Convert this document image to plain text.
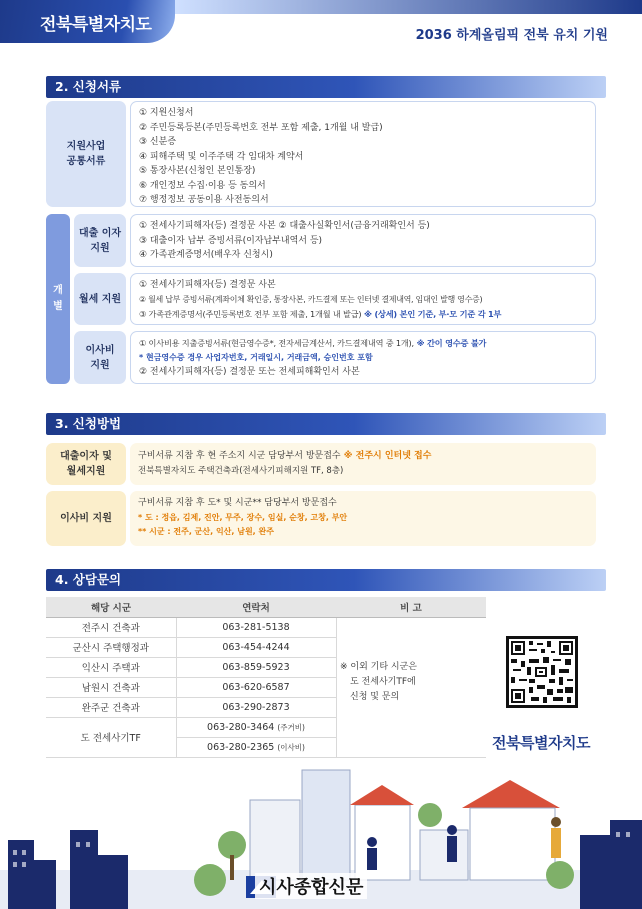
전북특별자치도
2036 하계올림픽 전북 유치 기원
2. 신청서류
지원사업
공통서류
① 지원신청서
② 주민등록등본(주민등록번호 전부 포함 제출, 1개월 내 발급)
③ 신분증
④ 피해주택 및 이주주택 각 임대차 계약서
⑤ 통장사본(신청인 본인통장)
⑥ 개인정보 수집·이용 등 동의서
⑦ 행정정보 공동이용 사전동의서
개
별
대출 이자
지원
① 전세사기피해자(등) 결정문 사본 ② 대출사실확인서(금융거래확인서 등)
③ 대출이자 납부 증빙서류(이자납부내역서 등)
④ 가족관계증명서(배우자 신청시)
월세 지원
① 전세사기피해자(등) 결정문 사본
② 월세 납부 증빙서류(계좌이체 확인증, 통장사본, 카드결제 또는 인터넷 결제내역, 임대인 발행 영수증)
③ 가족관계증명서(주민등록번호 전부 포함 제출, 1개월 내 발급) ※ (상세) 본인 기준, 부·모 기준 각 1부
이사비
지원
① 이사비용 지출증빙서류(현금영수증*, 전자세금계산서, 카드결제내역 중 1개), ※ 간이 영수증 불가
* 현금영수증 경우 사업자번호, 거래일시, 거래금액, 승인번호 포함
② 전세사기피해자(등) 결정문 또는 전세피해확인서 사본
3. 신청방법
대출이자 및
월세지원
구비서류 지참 후 현 주소지 시군 담당부서 방문접수 ※ 전주시 인터넷 접수
전북특별자치도 주택건축과(전세사기피해지원 TF, 8층)
이사비 지원
구비서류 지참 후 도* 및 시군** 담당부서 방문접수
* 도 : 정읍, 김제, 진안, 무주, 장수, 임실, 순창, 고창, 부안
** 시군 : 전주, 군산, 익산, 남원, 완주
4. 상담문의
해당 시군	연락처	비 고
전주시 건축과	063-281-5138	
군산시 주택행정과	063-454-4244	
익산시 주택과	063-859-5923	
남원시 건축과	063-620-6587	
완주군 건축과	063-290-2873	
도 전세사기TF	063-280-3464 (주거비)	
	063-280-2365 (이사비)	
※ 이외 기타 시군은
도 전세사기TF에
신청 및 문의
전북특별자치도
시사종합신문
